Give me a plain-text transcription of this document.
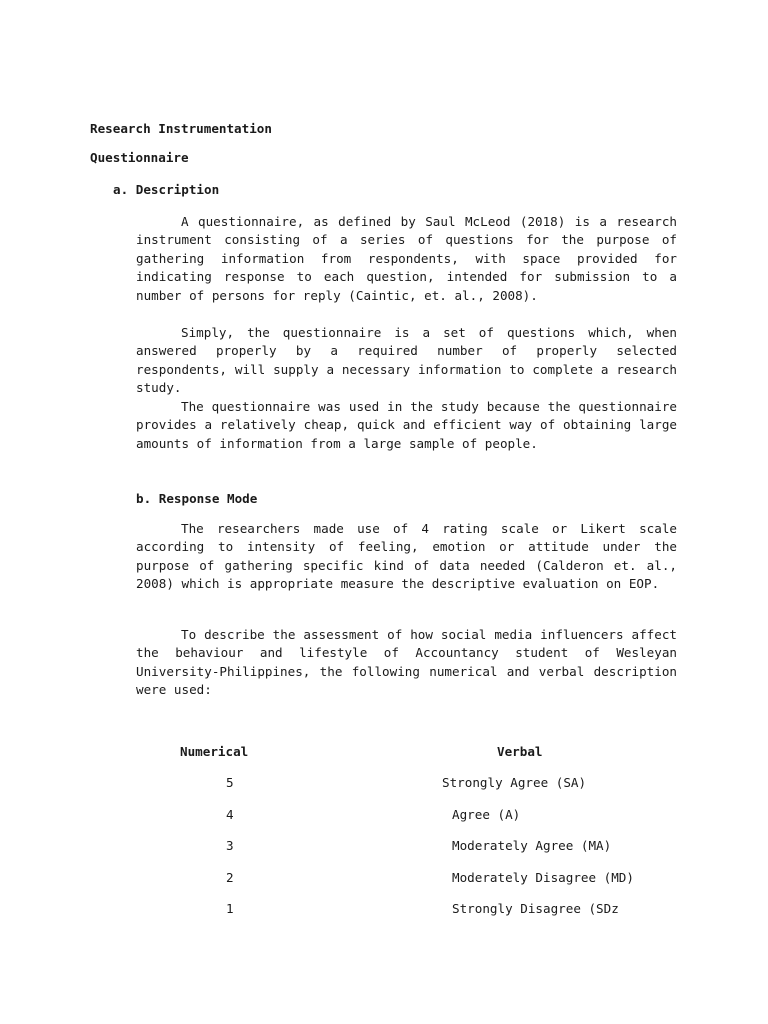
Research Instrumentation
Questionnaire
a. Description

A questionnaire, as defined by Saul McLeod (2018) is a research instrument consisting of a series of questions for the purpose of gathering information from respondents, with space provided for indicating response to each question, intended for submission to a number of persons for reply (Caintic, et. al., 2008).

Simply, the questionnaire is a set of questions which, when answered properly by a required number of properly selected respondents, will supply a necessary information to complete a research study.

The questionnaire was used in the study because the questionnaire provides a relatively cheap, quick and efficient way of obtaining large amounts of information from a large sample of people.

b. Response Mode

The researchers made use of 4 rating scale or Likert scale according to intensity of feeling, emotion or attitude under the purpose of gathering specific kind of data needed (Calderon et. al., 2008) which is appropriate measure the descriptive evaluation on EOP.

To describe the assessment of how social media influencers affect the behaviour and lifestyle of Accountancy student of Wesleyan University-Philippines, the following numerical and verbal description were used:

Numerical	Verbal
5	Strongly Agree (SA)
4	Agree (A)
3	Moderately Agree (MA)
2	Moderately Disagree (MD)
1	Strongly Disagree (SDz
